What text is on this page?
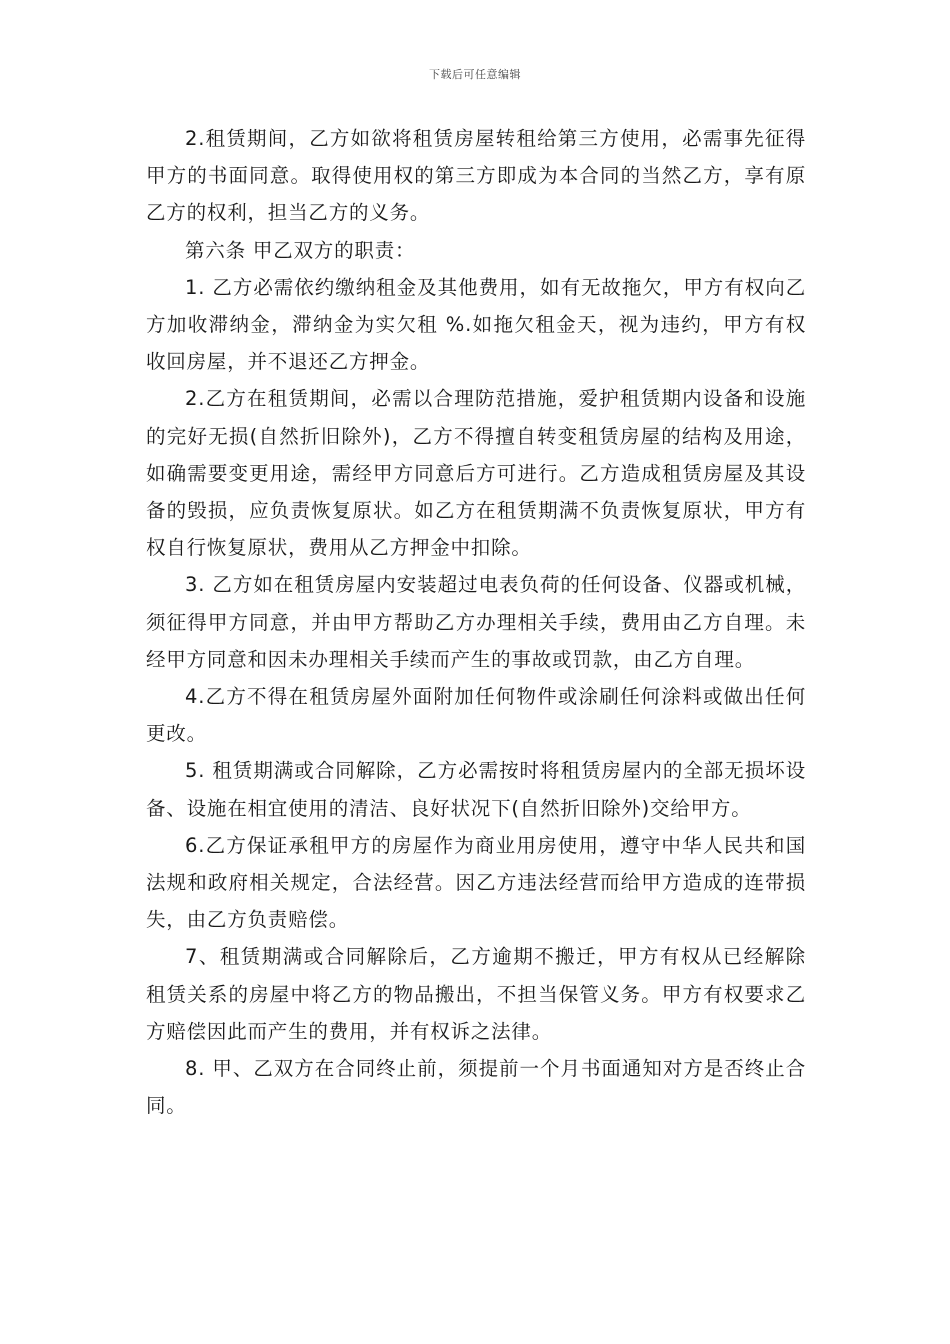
下载后可任意编辑

2.租赁期间，乙方如欲将租赁房屋转租给第三方使用，必需事先征得甲方的书面同意。取得使用权的第三方即成为本合同的当然乙方，享有原乙方的权利，担当乙方的义务。

第六条 甲乙双方的职责：

1. 乙方必需依约缴纳租金及其他费用，如有无故拖欠，甲方有权向乙方加收滞纳金，滞纳金为实欠租 %.如拖欠租金天，视为违约，甲方有权收回房屋，并不退还乙方押金。

2.乙方在租赁期间，必需以合理防范措施，爱护租赁期内设备和设施的完好无损(自然折旧除外)，乙方不得擅自转变租赁房屋的结构及用途，如确需要变更用途，需经甲方同意后方可进行。乙方造成租赁房屋及其设备的毁损，应负责恢复原状。如乙方在租赁期满不负责恢复原状，甲方有权自行恢复原状，费用从乙方押金中扣除。

3. 乙方如在租赁房屋内安装超过电表负荷的任何设备、仪器或机械，须征得甲方同意，并由甲方帮助乙方办理相关手续，费用由乙方自理。未经甲方同意和因未办理相关手续而产生的事故或罚款，由乙方自理。

4.乙方不得在租赁房屋外面附加任何物件或涂刷任何涂料或做出任何更改。

5. 租赁期满或合同解除，乙方必需按时将租赁房屋内的全部无损坏设备、设施在相宜使用的清洁、良好状况下(自然折旧除外)交给甲方。

6.乙方保证承租甲方的房屋作为商业用房使用，遵守中华人民共和国法规和政府相关规定，合法经营。因乙方违法经营而给甲方造成的连带损失，由乙方负责赔偿。

7、租赁期满或合同解除后，乙方逾期不搬迁，甲方有权从已经解除租赁关系的房屋中将乙方的物品搬出，不担当保管义务。甲方有权要求乙方赔偿因此而产生的费用，并有权诉之法律。

8. 甲、乙双方在合同终止前，须提前一个月书面通知对方是否终止合同。
